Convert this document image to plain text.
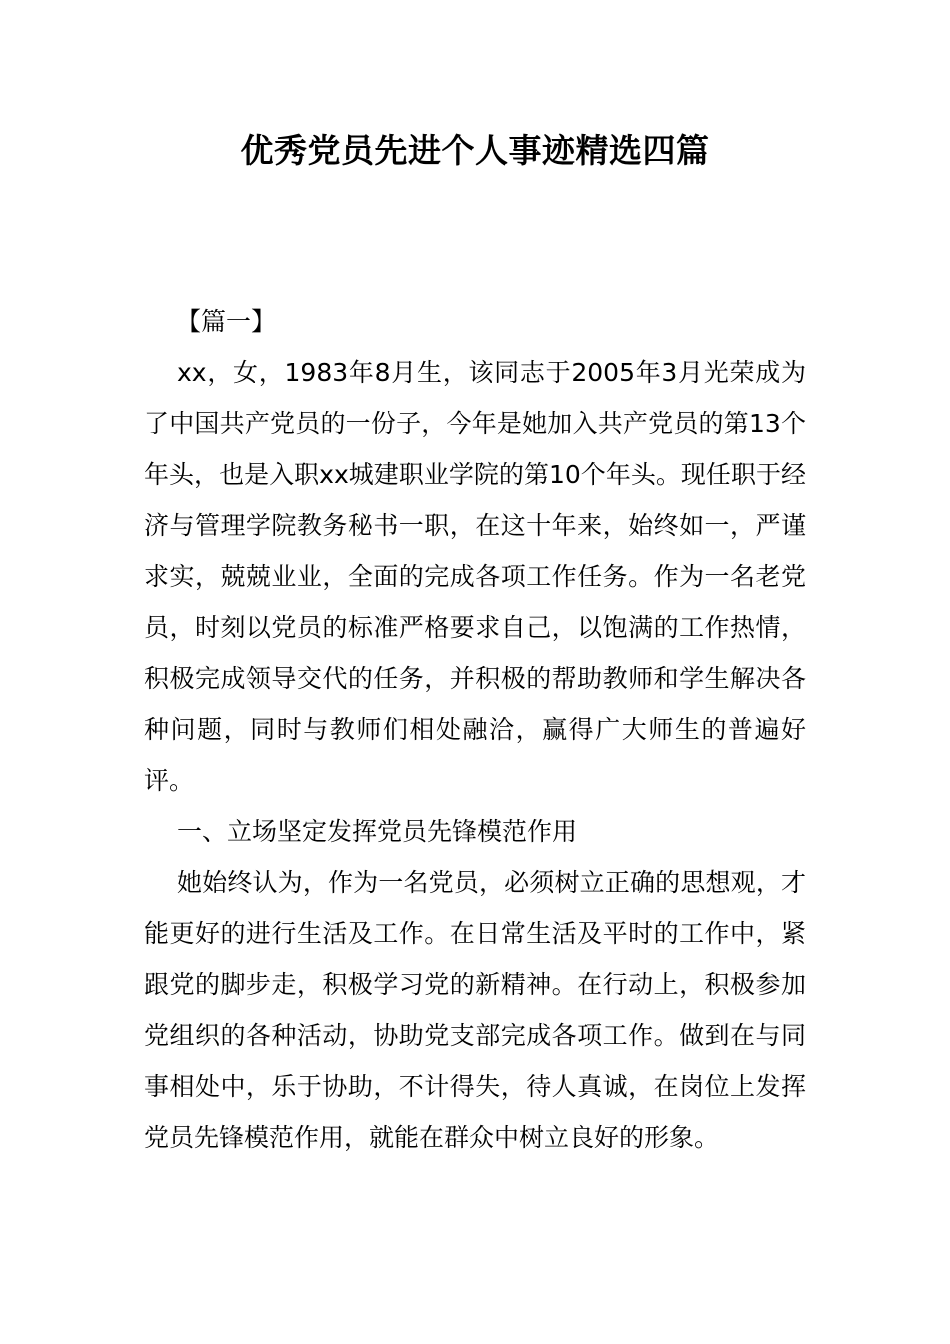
优秀党员先进个人事迹精选四篇

【篇一】

xx，女，1983年8月生，该同志于2005年3月光荣成为了中国共产党员的一份子，今年是她加入共产党员的第13个年头，也是入职xx城建职业学院的第10个年头。现任职于经济与管理学院教务秘书一职，在这十年来，始终如一，严谨求实，兢兢业业，全面的完成各项工作任务。作为一名老党员，时刻以党员的标准严格要求自己，以饱满的工作热情，积极完成领导交代的任务，并积极的帮助教师和学生解决各种问题，同时与教师们相处融洽，赢得广大师生的普遍好评。

一、立场坚定发挥党员先锋模范作用

她始终认为，作为一名党员，必须树立正确的思想观，才能更好的进行生活及工作。在日常生活及平时的工作中，紧跟党的脚步走，积极学习党的新精神。在行动上，积极参加党组织的各种活动，协助党支部完成各项工作。做到在与同事相处中，乐于协助，不计得失，待人真诚，在岗位上发挥党员先锋模范作用，就能在群众中树立良好的形象。
